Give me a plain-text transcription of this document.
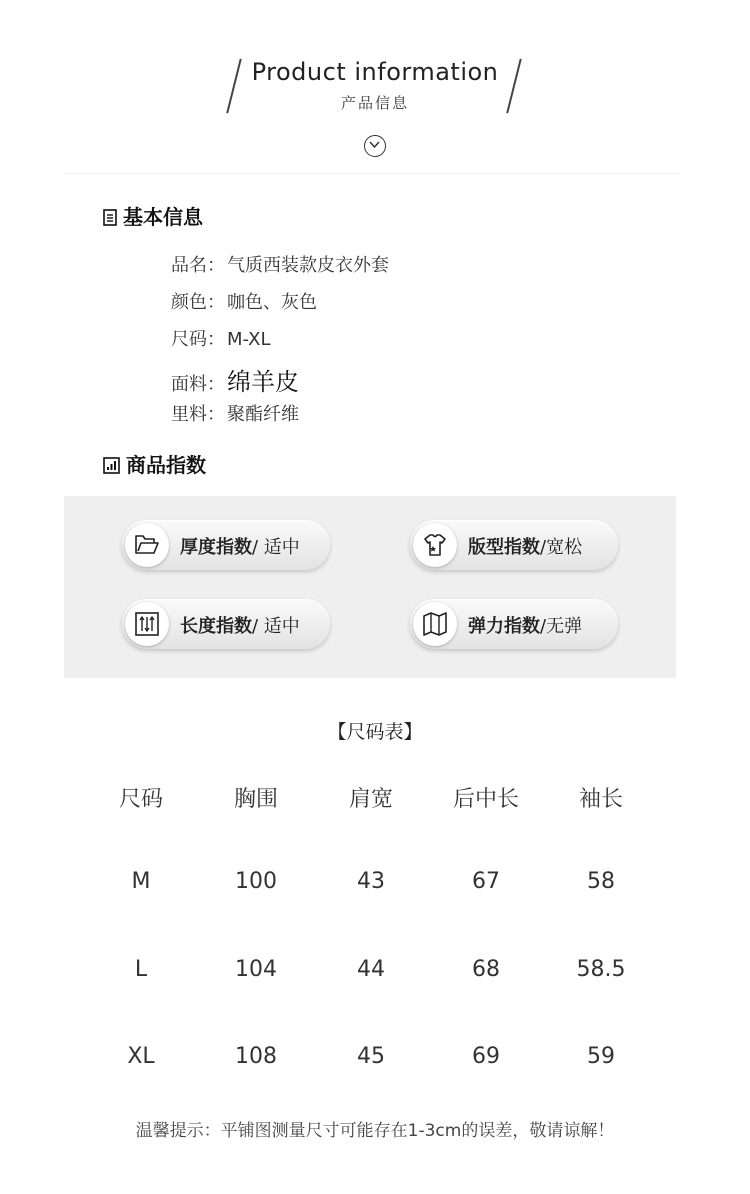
Product information
产品信息
基本信息
品名： 气质西装款皮衣外套
颜色： 咖色、灰色
尺码： M-XL
面料：绵羊皮
里料： 聚酯纤维
商品指数
厚度指数/ 适中	版型指数/宽松
长度指数/ 适中	弹力指数/无弹
【尺码表】
尺码	胸围	肩宽	后中长	袖长
M	100	43	67	58
L	104	44	68	58.5
XL	108	45	69	59
温馨提示：平铺图测量尺寸可能存在1-3cm的误差，敬请谅解！
